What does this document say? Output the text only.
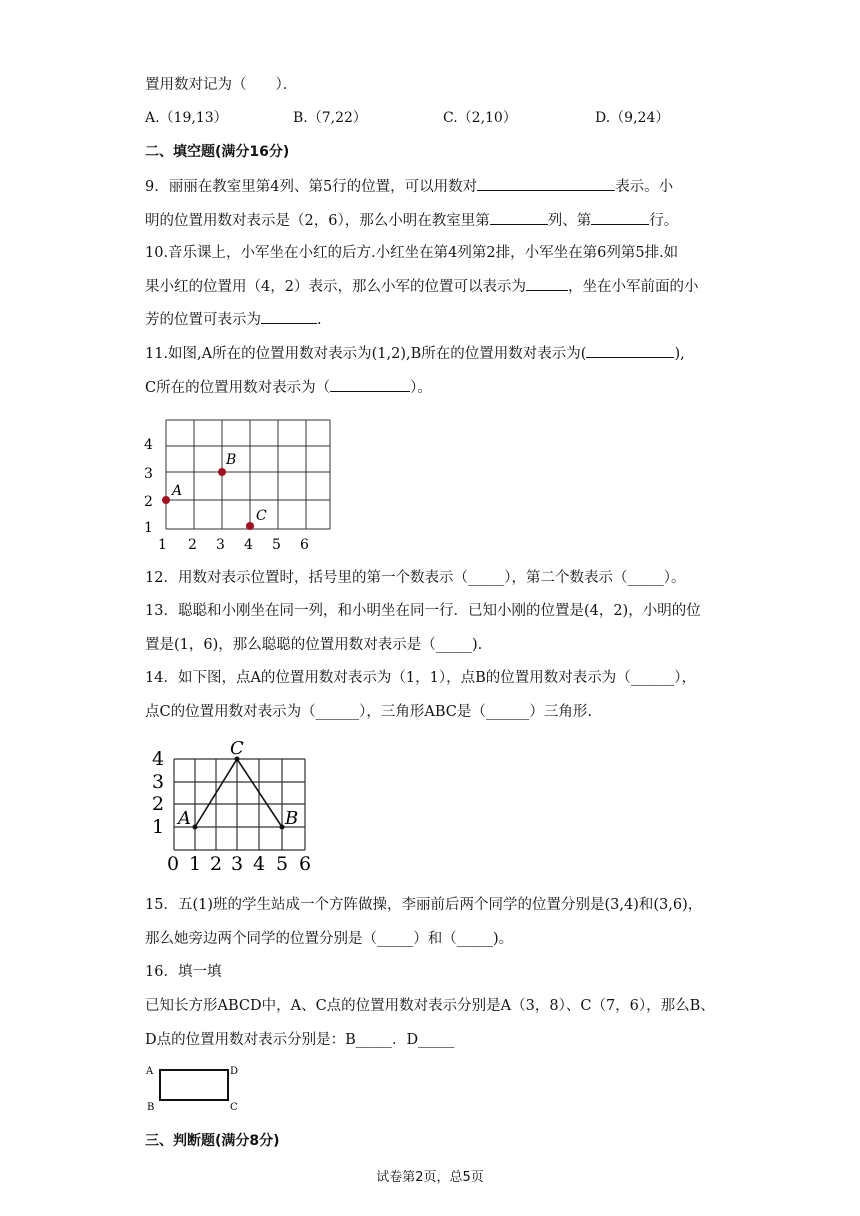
置用数对记为（　　）．
A.（19,13）	B.（7,22）	C.（2,10）	D.（9,24）
二、填空题(满分16分)
9．丽丽在教室里第4列、第5行的位置，可以用数对	表示。小
明的位置用数对表示是（2，6），那么小明在教室里第	列、第	行。
10.音乐课上，小军坐在小红的后方.小红坐在第4列第2排，小军坐在第6列第5排.如
果小红的位置用（4，2）表示，那么小军的位置可以表示为	，坐在小军前面的小
芳的位置可表示为	.
11.如图,A所在的位置用数对表示为(1,2),B所在的位置用数对表示为(	),
C所在的位置用数对表示为（	）。
4
3
2
1
1 2 3 4 5 6
A
B
C
12．用数对表示位置时，括号里的第一个数表示（_____），第二个数表示（_____）。
13．聪聪和小刚坐在同一列，和小明坐在同一行．已知小刚的位置是(4，2)，小明的位
置是(1，6)，那么聪聪的位置用数对表示是（_____).
14．如下图，点A的位置用数对表示为（1，1），点B的位置用数对表示为（______），
点C的位置用数对表示为（______），三角形ABC是（______）三角形.
4
3
2
1
0 1 2 3 4 5 6
A	B
C
15．五(1)班的学生站成一个方阵做操，李丽前后两个同学的位置分别是(3,4)和(3,6)，
那么她旁边两个同学的位置分别是（_____）和（_____)。
16．填一填
已知长方形ABCD中，A、C点的位置用数对表示分别是A（3，8）、C（7，6），那么B、
D点的位置用数对表示分别是：B_____．D_____
A	D
B	C
三、判断题(满分8分)
试卷第2页，总5页
